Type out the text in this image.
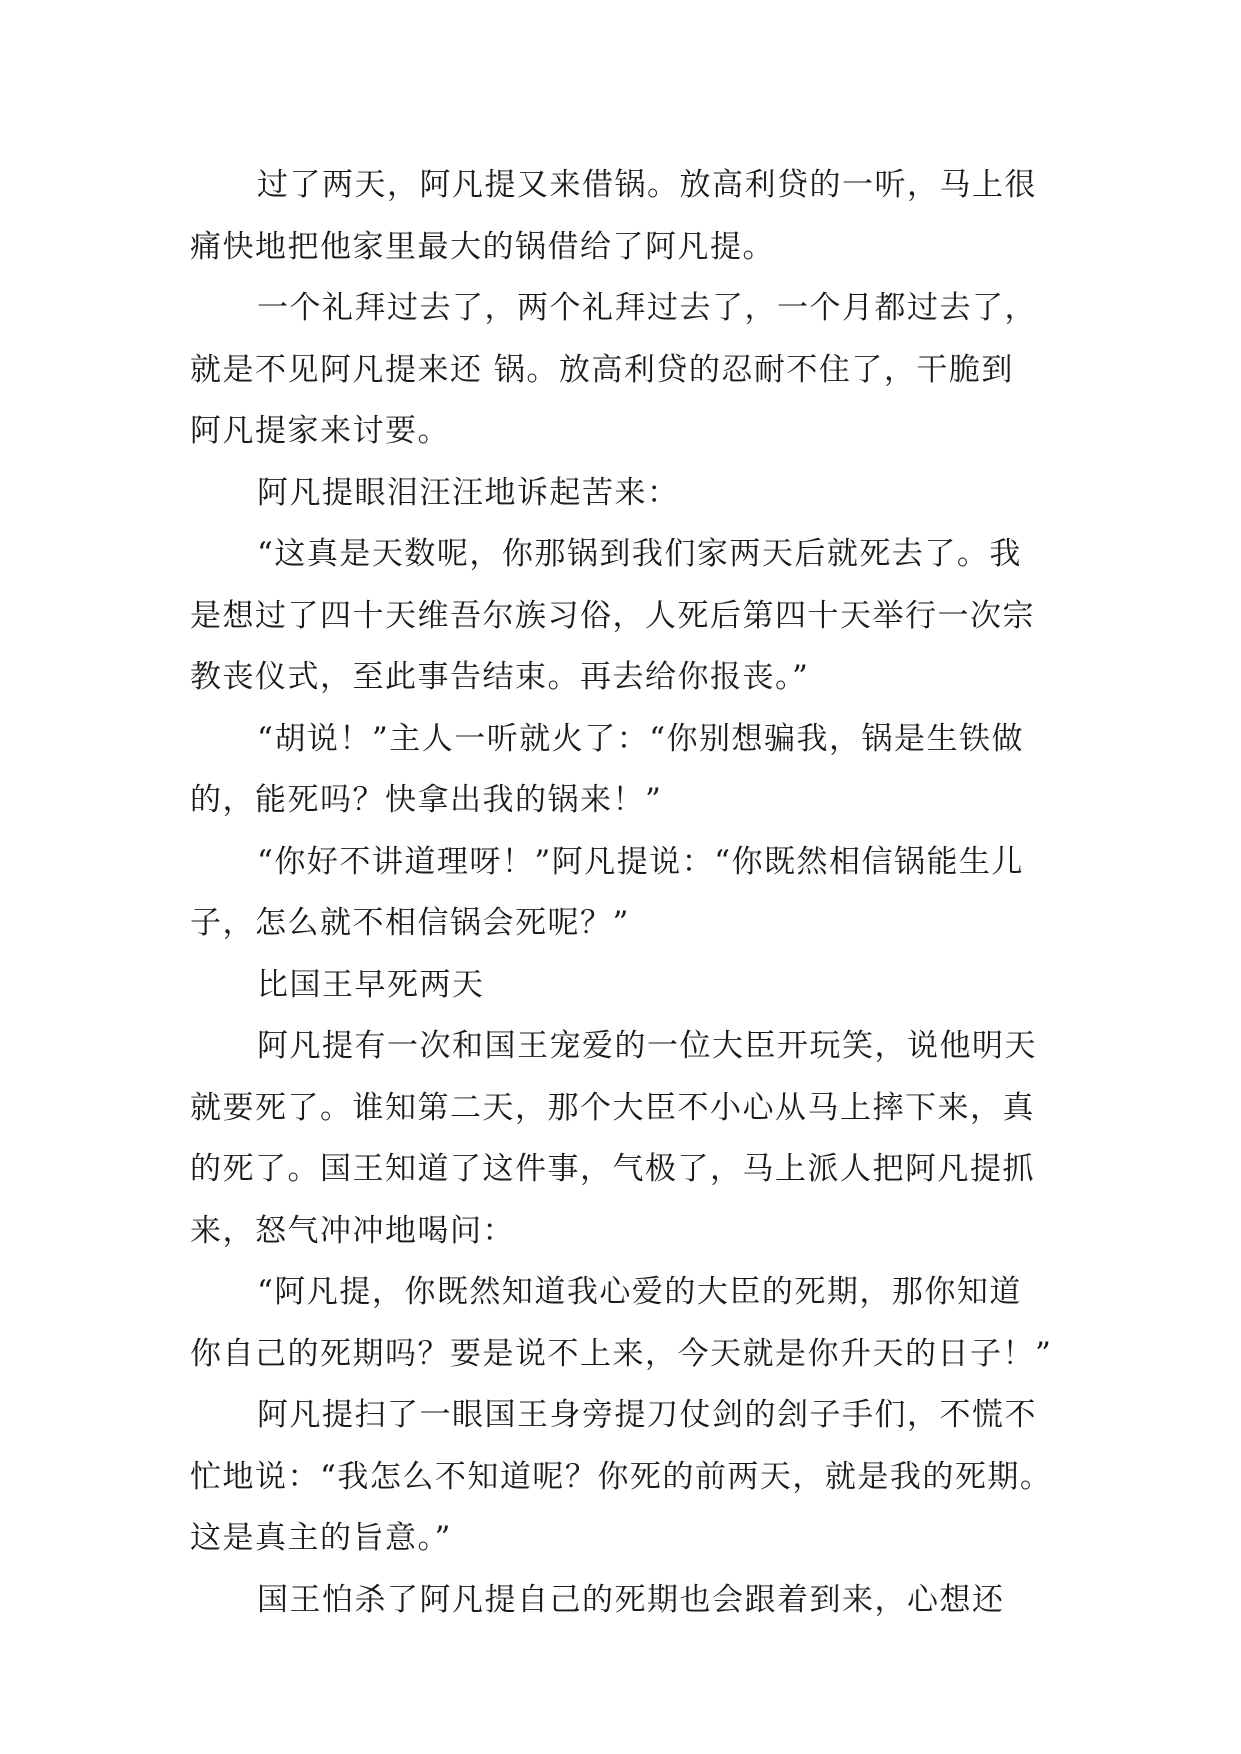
过了两天，阿凡提又来借锅。放高利贷的一听，马上很
痛快地把他家里最大的锅借给了阿凡提。
一个礼拜过去了，两个礼拜过去了，一个月都过去了，
就是不见阿凡提来还 锅。放高利贷的忍耐不住了，干脆到
阿凡提家来讨要。
阿凡提眼泪汪汪地诉起苦来：
“这真是天数呢，你那锅到我们家两天后就死去了。我
是想过了四十天维吾尔族习俗，人死后第四十天举行一次宗
教丧仪式，至此事告结束。再去给你报丧。”
“胡说！”主人一听就火了：“你别想骗我，锅是生铁做
的，能死吗？快拿出我的锅来！”
“你好不讲道理呀！”阿凡提说：“你既然相信锅能生儿
子，怎么就不相信锅会死呢？”
比国王早死两天
阿凡提有一次和国王宠爱的一位大臣开玩笑，说他明天
就要死了。谁知第二天，那个大臣不小心从马上摔下来，真
的死了。国王知道了这件事，气极了，马上派人把阿凡提抓
来，怒气冲冲地喝问：
“阿凡提，你既然知道我心爱的大臣的死期，那你知道
你自己的死期吗？要是说不上来，今天就是你升天的日子！”
阿凡提扫了一眼国王身旁提刀仗剑的刽子手们，不慌不
忙地说：“我怎么不知道呢？你死的前两天，就是我的死期。
这是真主的旨意。”
国王怕杀了阿凡提自己的死期也会跟着到来，心想还
